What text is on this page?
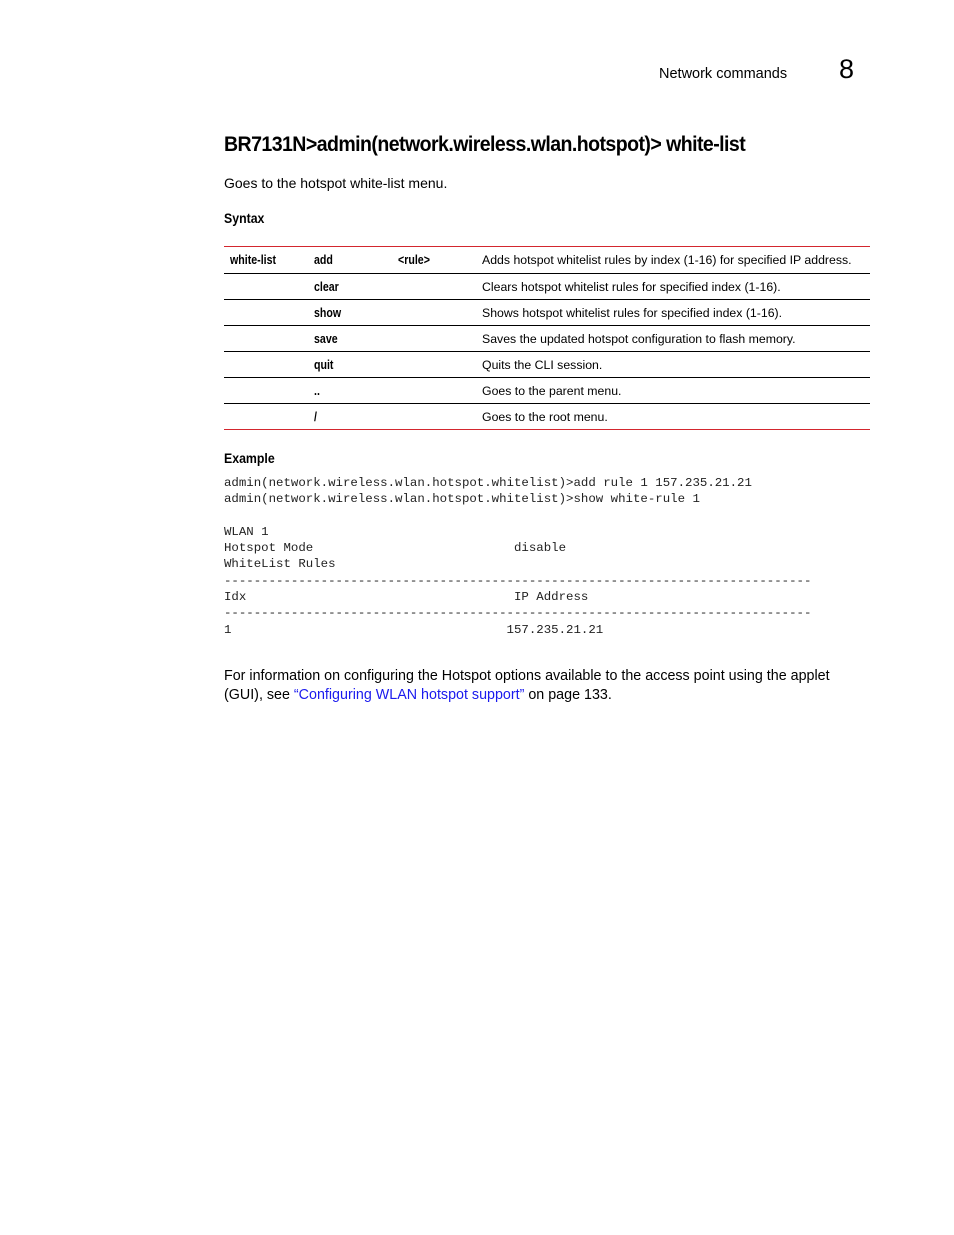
Network commands 8
BR7131N>admin(network.wireless.wlan.hotspot)> white-list
Goes to the hotspot white-list menu.
Syntax
white-list	add	<rule>	Adds hotspot whitelist rules by index (1-16) for specified IP address.
	clear		Clears hotspot whitelist rules for specified index (1-16).
	show		Shows hotspot whitelist rules for specified index (1-16).
	save		Saves the updated hotspot configuration to flash memory.
	quit		Quits the CLI session.
	..		Goes to the parent menu.
	/		Goes to the root menu.
Example
admin(network.wireless.wlan.hotspot.whitelist)>add rule 1 157.235.21.21
admin(network.wireless.wlan.hotspot.whitelist)>show white-rule 1
WLAN 1
Hotspot Mode                           disable
WhiteList Rules
-------------------------------------------------------------------------------
Idx                                    IP Address
-------------------------------------------------------------------------------
1                                     157.235.21.21
For information on configuring the Hotspot options available to the access point using the applet (GUI), see “Configuring WLAN hotspot support” on page 133.
